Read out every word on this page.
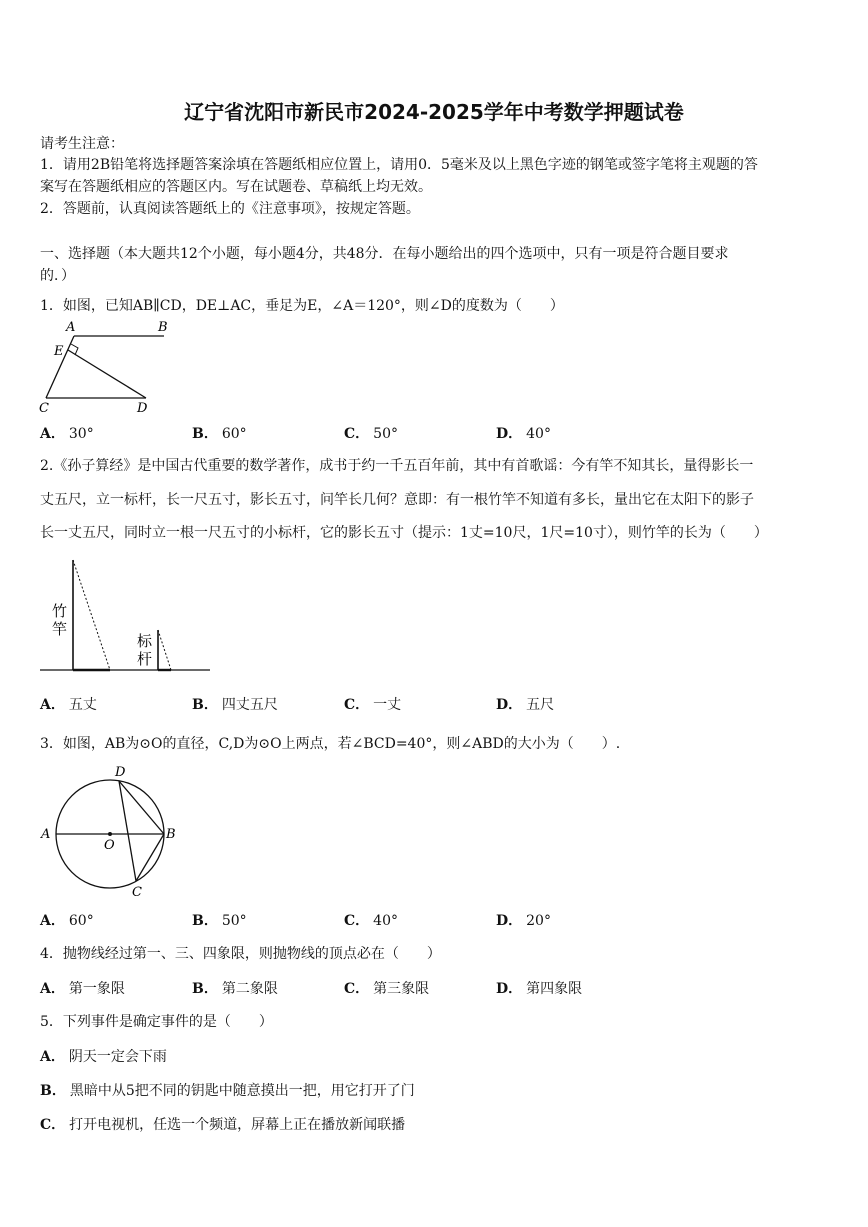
辽宁省沈阳市新民市2024-2025学年中考数学押题试卷
请考生注意：
1．请用2B铅笔将选择题答案涂填在答题纸相应位置上，请用0．5毫米及以上黑色字迹的钢笔或签字笔将主观题的答
案写在答题纸相应的答题区内。写在试题卷、草稿纸上均无效。
2．答题前，认真阅读答题纸上的《注意事项》，按规定答题。
一、选择题（本大题共12个小题，每小题4分，共48分．在每小题给出的四个选项中，只有一项是符合题目要求
的．）
1．如图，已知AB∥CD，DE⊥AC，垂足为E，∠A＝120°，则∠D的度数为（　　）
A	B
E
C	D
A． 30°	B． 60°	C． 50°	D． 40°
2.《孙子算经》是中国古代重要的数学著作，成书于约一千五百年前，其中有首歌谣：今有竿不知其长，量得影长一
丈五尺，立一标杆，长一尺五寸，影长五寸，问竿长几何？意即：有一根竹竿不知道有多长，量出它在太阳下的影子
长一丈五尺，同时立一根一尺五寸的小标杆，它的影长五寸（提示：1丈=10尺，1尺=10寸），则竹竿的长为（　　）
竹
竿
标
杆
A． 五丈	B． 四丈五尺	C． 一丈	D． 五尺
3．如图，AB为⊙O的直径，C,D为⊙O上两点，若∠BCD=40°，则∠ABD的大小为（　　）.
A	B
D
C
O
A． 60°	B． 50°	C． 40°	D． 20°
4．抛物线经过第一、三、四象限，则抛物线的顶点必在（　　）
A． 第一象限	B． 第二象限	C． 第三象限	D． 第四象限
5．下列事件是确定事件的是（　　）
A． 阴天一定会下雨
B． 黑暗中从5把不同的钥匙中随意摸出一把，用它打开了门
C． 打开电视机，任选一个频道，屏幕上正在播放新闻联播
